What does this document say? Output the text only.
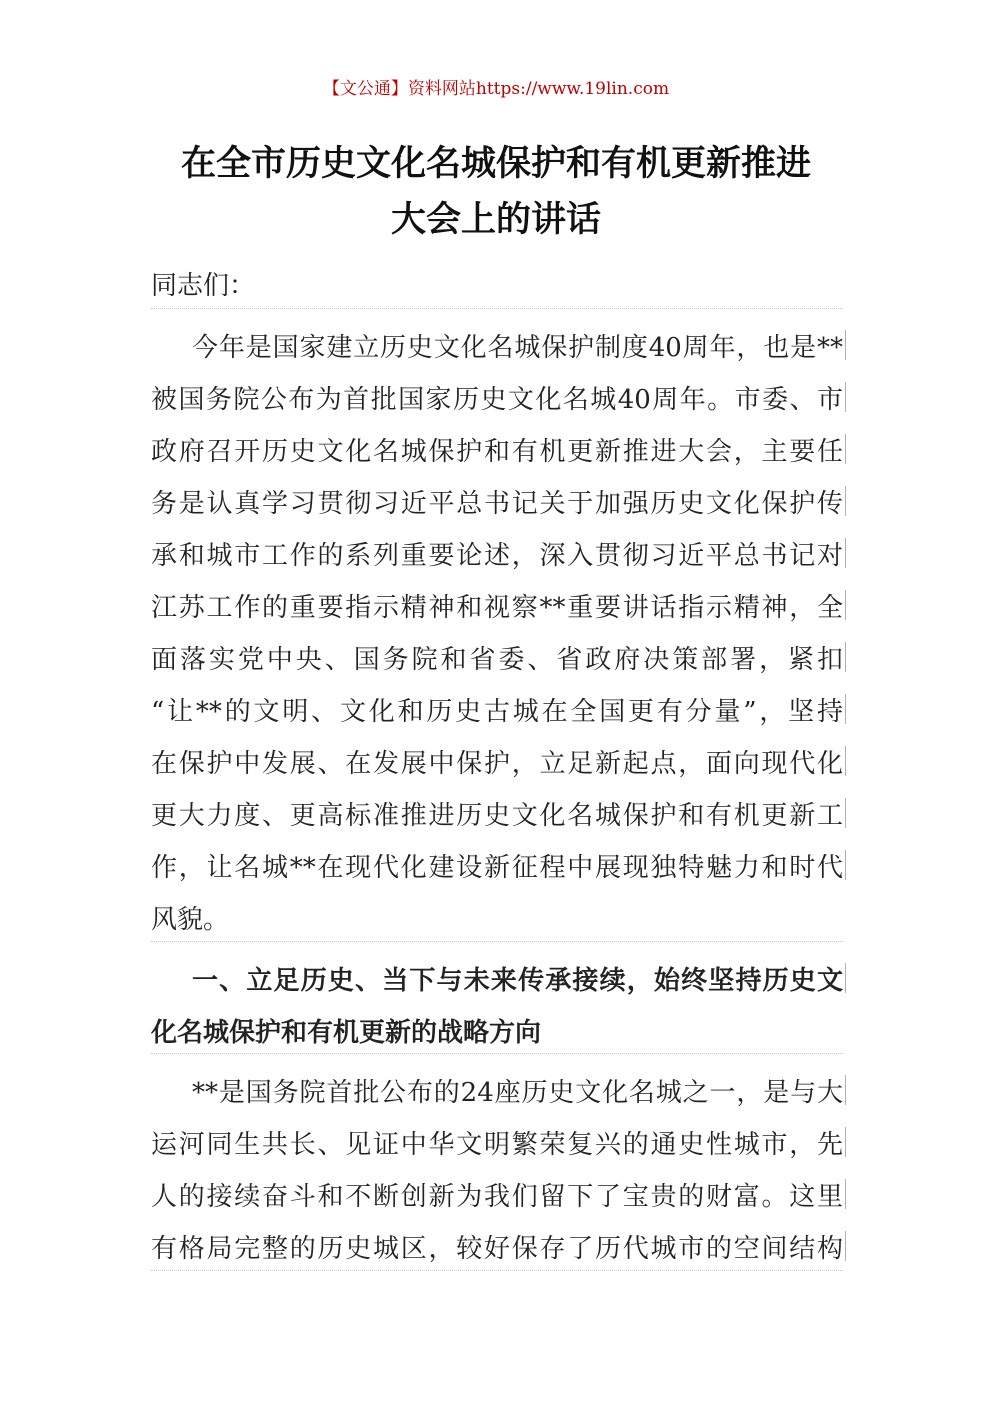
【文公通】资料网站https://www.19lin.com
在全市历史文化名城保护和有机更新推进
大会上的讲话
同志们：
今年是国家建立历史文化名城保护制度40周年，也是**
被国务院公布为首批国家历史文化名城40周年。市委、市
政府召开历史文化名城保护和有机更新推进大会，主要任
务是认真学习贯彻习近平总书记关于加强历史文化保护传
承和城市工作的系列重要论述，深入贯彻习近平总书记对
江苏工作的重要指示精神和视察**重要讲话指示精神，全
面落实党中央、国务院和省委、省政府决策部署，紧扣
“让**的文明、文化和历史古城在全国更有分量”，坚持
在保护中发展、在发展中保护，立足新起点，面向现代化
更大力度、更高标准推进历史文化名城保护和有机更新工
作，让名城**在现代化建设新征程中展现独特魅力和时代
风貌。
一、立足历史、当下与未来传承接续，始终坚持历史文
化名城保护和有机更新的战略方向
**是国务院首批公布的24座历史文化名城之一，是与大
运河同生共长、见证中华文明繁荣复兴的通史性城市，先
人的接续奋斗和不断创新为我们留下了宝贵的财富。这里
有格局完整的历史城区，较好保存了历代城市的空间结构
